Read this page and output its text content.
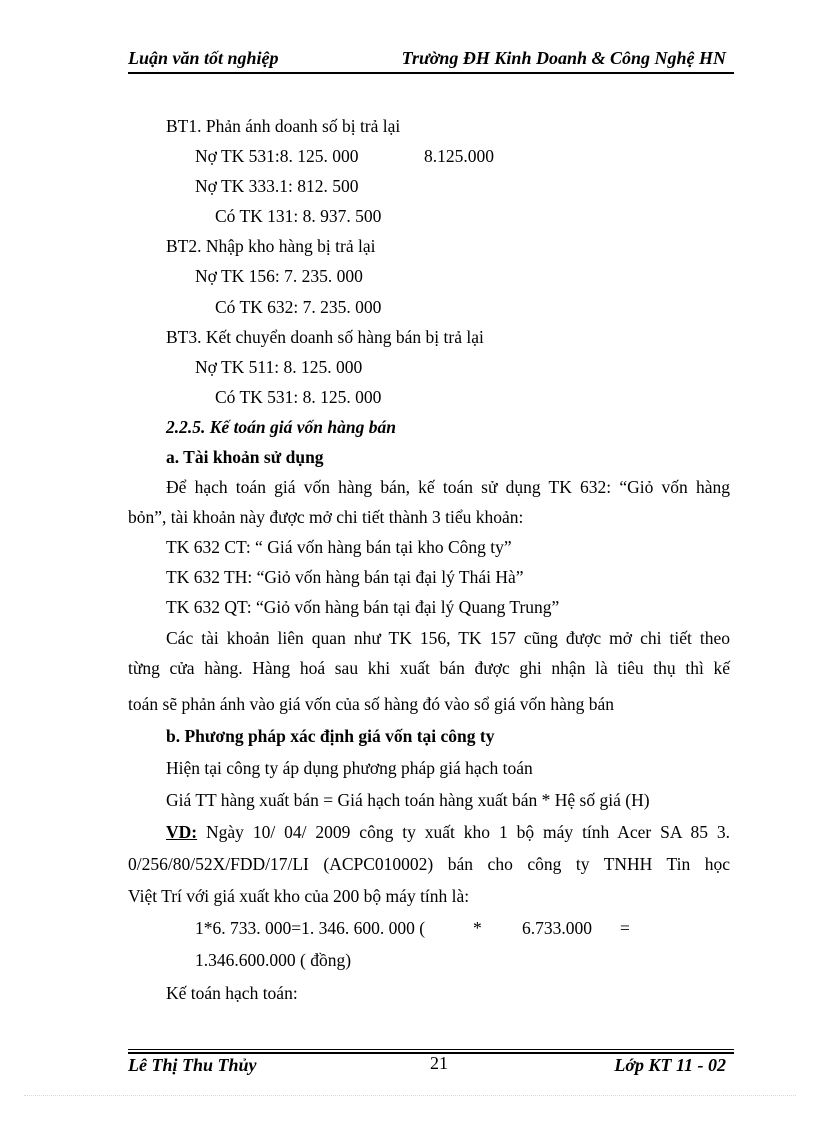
Luận văn tốt nghiệp	Trường ĐH Kinh Doanh & Công Nghệ HN
BT1. Phản ánh doanh số bị trả lại
Nợ TK 531:8. 125. 000	8.125.000
Nợ TK 333.1: 812. 500
Có TK 131: 8. 937. 500
BT2. Nhập kho hàng bị trả lại
Nợ TK 156: 7. 235. 000
Có TK 632: 7. 235. 000
BT3. Kết chuyển doanh số hàng bán bị trả lại
Nợ TK 511: 8. 125. 000
Có TK 531: 8. 125. 000
2.2.5. Kế toán giá vốn hàng bán
a. Tài khoản sử dụng
Để hạch toán giá vốn hàng bán, kế toán sử dụng TK 632: “Giỏ vốn hàng
bỏn”, tài khoản này được mở chi tiết thành 3 tiểu khoản:
TK 632 CT: “ Giá vốn hàng bán tại kho Công ty”
TK 632 TH: “Giỏ vốn hàng bán tại đại lý Thái Hà”
TK 632 QT: “Giỏ vốn hàng bán tại đại lý Quang Trung”
Các tài khoản liên quan như TK 156, TK 157 cũng được mở chi tiết theo
từng cửa hàng. Hàng hoá sau khi xuất bán được ghi nhận là tiêu thụ thì kế
toán sẽ phản ánh vào giá vốn của số hàng đó vào sổ giá vốn hàng bán
b. Phương pháp xác định giá vốn tại công ty
Hiện tại công ty áp dụng phương pháp giá hạch toán
Giá TT hàng xuất bán = Giá hạch toán hàng xuất bán * Hệ số giá (H)
VD: Ngày 10/ 04/ 2009 công ty xuất kho 1 bộ máy tính Acer SA 85 3.
0/256/80/52X/FDD/17/LI (ACPC010002) bán cho công ty TNHH Tin học
Việt Trí với giá xuất kho của 200 bộ máy tính là:
1*6. 733. 000=1. 346. 600. 000 (	* 6.733.000 =
1.346.600.000 ( đồng)
Kế toán hạch toán:
Lê Thị Thu Thủy	21	Lớp KT 11 - 02
